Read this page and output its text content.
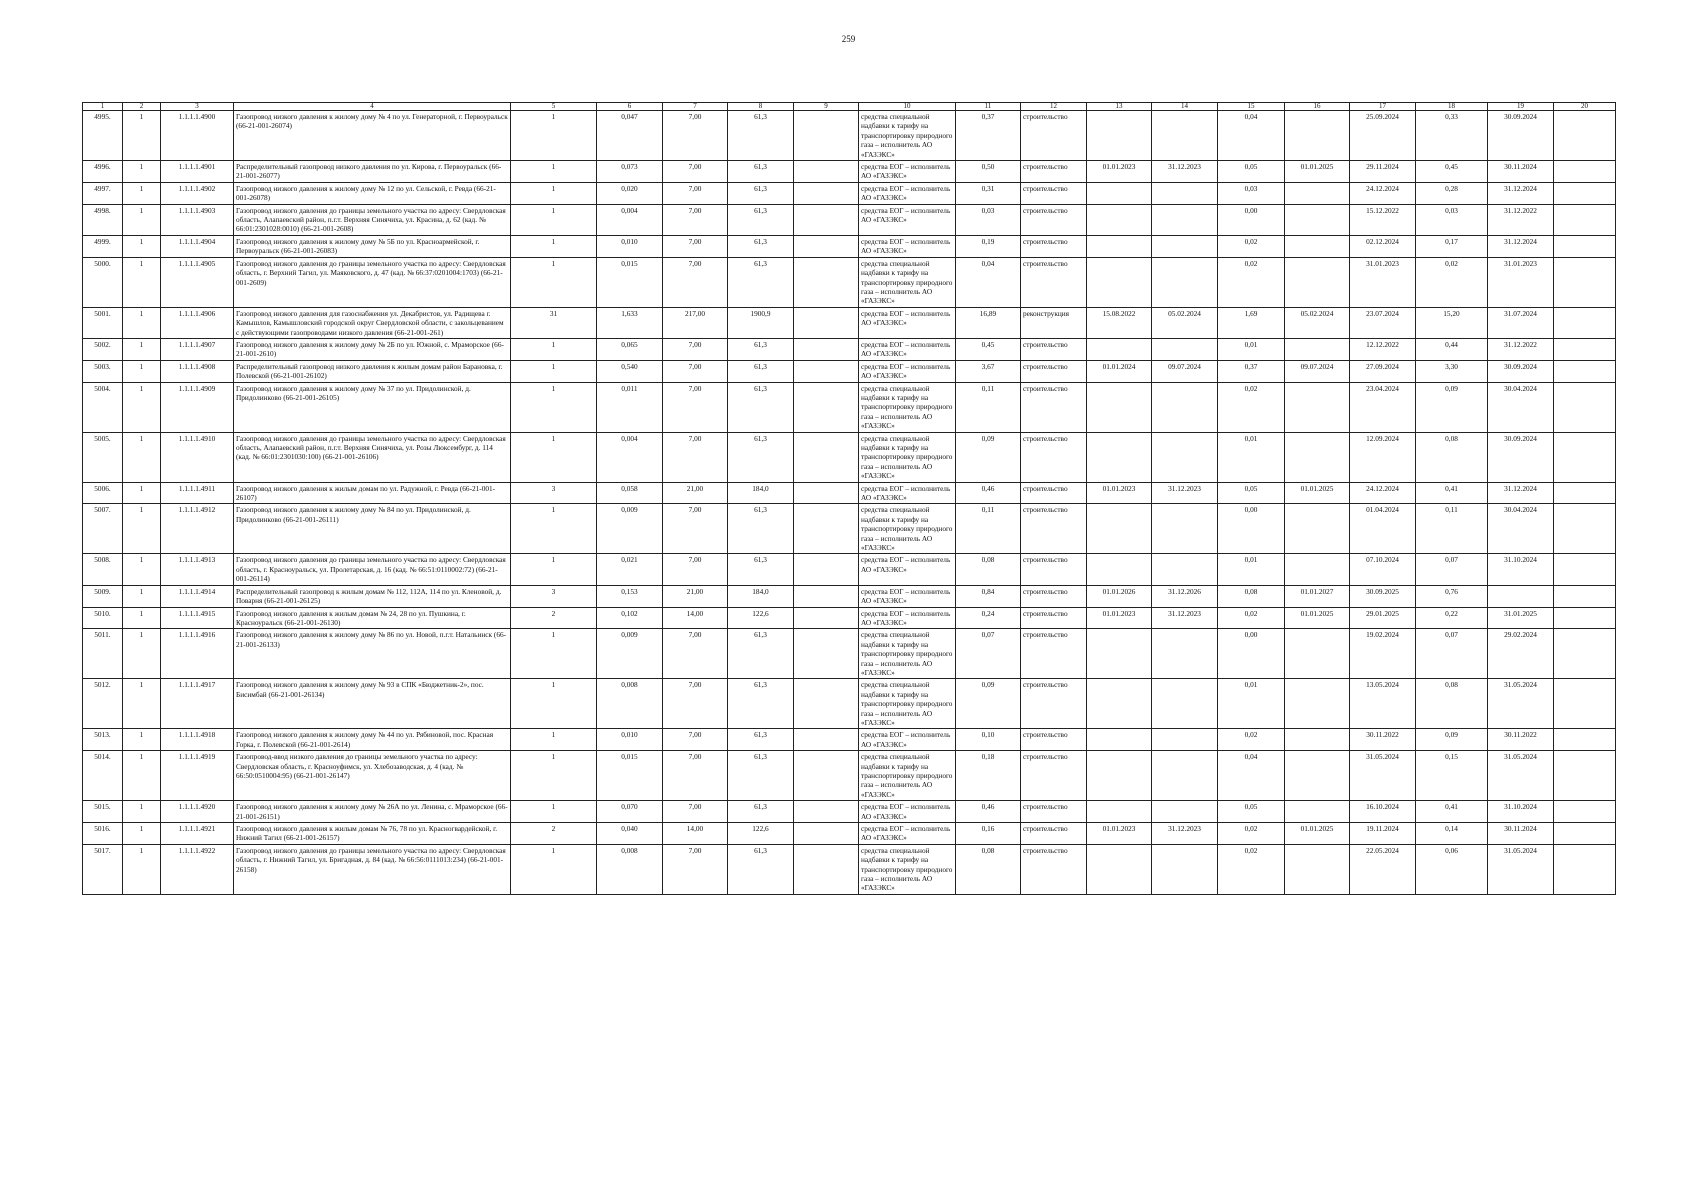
259
1	2	3	4	5	6	7	8	9	10	11	12	13	14	15	16	17	18	19	20
4995.	1	1.1.1.1.4900	Газопровод низкого давления к жилому дому № 4 по ул. Генераторной, г. Первоуральск (66-21-001-26074)	1	0,047	7,00	61,3		средства специальной надбавки к тарифу на транспортировку природного газа – исполнитель АО «ГАЗЭКС»	0,37	строительство			0,04		25.09.2024	0,33	30.09.2024	
4996.	1	1.1.1.1.4901	Распределительный газопровод низкого давления по ул. Кирова, г. Первоуральск (66-21-001-26077)	1	0,073	7,00	61,3		средства ЕОГ – исполнитель АО «ГАЗЭКС»	0,50	строительство	01.01.2023	31.12.2023	0,05	01.01.2025	29.11.2024	0,45	30.11.2024	
4997.	1	1.1.1.1.4902	Газопровод низкого давления к жилому дому № 12 по ул. Сельской, г. Ревда (66-21-001-26078)	1	0,020	7,00	61,3		средства ЕОГ – исполнитель АО «ГАЗЭКС»	0,31	строительство			0,03		24.12.2024	0,28	31.12.2024	
4998.	1	1.1.1.1.4903	Газопровод низкого давления до границы земельного участка по адресу: Свердловская область, Алапаевский район, п.г.т. Верхняя Синячиха, ул. Красина, д. 62 (кад. № 66:01:2301028:0010) (66-21-001-2608)	1	0,004	7,00	61,3		средства ЕОГ – исполнитель АО «ГАЗЭКС»	0,03	строительство			0,00		15.12.2022	0,03	31.12.2022	
4999.	1	1.1.1.1.4904	Газопровод низкого давления к жилому дому № 5Б по ул. Красноармейской, г. Первоуральск (66-21-001-26083)	1	0,010	7,00	61,3		средства ЕОГ – исполнитель АО «ГАЗЭКС»	0,19	строительство			0,02		02.12.2024	0,17	31.12.2024	
5000.	1	1.1.1.1.4905	Газопровод низкого давления до границы земельного участка по адресу: Свердловская область, г. Верхний Тагил, ул. Маяковского, д. 47 (кад. № 66:37:0201004:1703) (66-21-001-2609)	1	0,015	7,00	61,3		средства специальной надбавки к тарифу на транспортировку природного газа – исполнитель АО «ГАЗЭКС»	0,04	строительство			0,02		31.01.2023	0,02	31.01.2023	
5001.	1	1.1.1.1.4906	Газопровод низкого давления для газоснабжения ул. Декабристов, ул. Радищева г. Камышлов, Камышловский городской округ Свердловской области, с закольцеванием с действующими газопроводами низкого давления (66-21-001-261)	31	1,633	217,00	1900,9		средства ЕОГ – исполнитель АО «ГАЗЭКС»	16,89	реконструкция	15.08.2022	05.02.2024	1,69	05.02.2024	23.07.2024	15,20	31.07.2024	
5002.	1	1.1.1.1.4907	Газопровод низкого давления к жилому дому № 2Б по ул. Южной, с. Мраморское (66-21-001-2610)	1	0,065	7,00	61,3		средства ЕОГ – исполнитель АО «ГАЗЭКС»	0,45	строительство			0,01		12.12.2022	0,44	31.12.2022	
5003.	1	1.1.1.1.4908	Распределительный газопровод низкого давления к жилым домам район Барановка, г. Полевской (66-21-001-26102)	1	0,540	7,00	61,3		средства ЕОГ – исполнитель АО «ГАЗЭКС»	3,67	строительство	01.01.2024	09.07.2024	0,37	09.07.2024	27.09.2024	3,30	30.09.2024	
5004.	1	1.1.1.1.4909	Газопровод низкого давления к жилому дому № 37 по ул. Придолинской, д. Придолинково (66-21-001-26105)	1	0,011	7,00	61,3		средства специальной надбавки к тарифу на транспортировку природного газа – исполнитель АО «ГАЗЭКС»	0,11	строительство			0,02		23.04.2024	0,09	30.04.2024	
5005.	1	1.1.1.1.4910	Газопровод низкого давления до границы земельного участка по адресу: Свердловская область, Алапаевский район, п.г.т. Верхняя Синячиха, ул. Розы Люксембург, д. 114 (кад. № 66:01:2301030:100) (66-21-001-26106)	1	0,004	7,00	61,3		средства специальной надбавки к тарифу на транспортировку природного газа – исполнитель АО «ГАЗЭКС»	0,09	строительство			0,01		12.09.2024	0,08	30.09.2024	
5006.	1	1.1.1.1.4911	Газопровод низкого давления к жилым домам по ул. Радужной, г. Ревда (66-21-001-26107)	3	0,058	21,00	184,0		средства ЕОГ – исполнитель АО «ГАЗЭКС»	0,46	строительство	01.01.2023	31.12.2023	0,05	01.01.2025	24.12.2024	0,41	31.12.2024	
5007.	1	1.1.1.1.4912	Газопровод низкого давления к жилому дому № 84 по ул. Придолинской, д. Придолинково (66-21-001-26111)	1	0,009	7,00	61,3		средства специальной надбавки к тарифу на транспортировку природного газа – исполнитель АО «ГАЗЭКС»	0,11	строительство			0,00		01.04.2024	0,11	30.04.2024	
5008.	1	1.1.1.1.4913	Газопровод низкого давления до границы земельного участка по адресу: Свердловская область, г. Красноуральск, ул. Пролетарская, д. 16 (кад. № 66:51:0110002:72) (66-21-001-26114)	1	0,021	7,00	61,3		средства ЕОГ – исполнитель АО «ГАЗЭКС»	0,08	строительство			0,01		07.10.2024	0,07	31.10.2024	
5009.	1	1.1.1.1.4914	Распределительный газопровод к жилым домам № 112, 112А, 114 по ул. Кленовой, д. Поварня (66-21-001-26125)	3	0,153	21,00	184,0		средства ЕОГ – исполнитель АО «ГАЗЭКС»	0,84	строительство	01.01.2026	31.12.2026	0,08	01.01.2027	30.09.2025	0,76		
5010.	1	1.1.1.1.4915	Газопровод низкого давления к жилым домам № 24, 28 по ул. Пушкина, г. Красноуральск (66-21-001-26130)	2	0,102	14,00	122,6		средства ЕОГ – исполнитель АО «ГАЗЭКС»	0,24	строительство	01.01.2023	31.12.2023	0,02	01.01.2025	29.01.2025	0,22	31.01.2025	
5011.	1	1.1.1.1.4916	Газопровод низкого давления к жилому дому № 86 по ул. Новой, п.г.т. Натальинск (66-21-001-26133)	1	0,009	7,00	61,3		средства специальной надбавки к тарифу на транспортировку природного газа – исполнитель АО «ГАЗЭКС»	0,07	строительство			0,00		19.02.2024	0,07	29.02.2024	
5012.	1	1.1.1.1.4917	Газопровод низкого давления к жилому дому № 93 в СПК «Бюджетник-2», пос. Бисимбай (66-21-001-26134)	1	0,008	7,00	61,3		средства специальной надбавки к тарифу на транспортировку природного газа – исполнитель АО «ГАЗЭКС»	0,09	строительство			0,01		13.05.2024	0,08	31.05.2024	
5013.	1	1.1.1.1.4918	Газопровод низкого давления к жилому дому № 44 по ул. Рябиновой, пос. Красная Горка, г. Полевской (66-21-001-2614)	1	0,010	7,00	61,3		средства ЕОГ – исполнитель АО «ГАЗЭКС»	0,10	строительство			0,02		30.11.2022	0,09	30.11.2022	
5014.	1	1.1.1.1.4919	Газопровод-ввод низкого давления до границы земельного участка по адресу: Свердловская область, г. Красноуфимск, ул. Хлебозаводская, д. 4 (кад. № 66:50:0510004:95) (66-21-001-26147)	1	0,015	7,00	61,3		средства специальной надбавки к тарифу на транспортировку природного газа – исполнитель АО «ГАЗЭКС»	0,18	строительство			0,04		31.05.2024	0,15	31.05.2024	
5015.	1	1.1.1.1.4920	Газопровод низкого давления к жилому дому № 26А по ул. Ленина, с. Мраморское (66-21-001-26151)	1	0,070	7,00	61,3		средства ЕОГ – исполнитель АО «ГАЗЭКС»	0,46	строительство			0,05		16.10.2024	0,41	31.10.2024	
5016.	1	1.1.1.1.4921	Газопровод низкого давления к жилым домам № 76, 78 по ул. Красногвардейской, г. Нижний Тагил (66-21-001-26157)	2	0,040	14,00	122,6		средства ЕОГ – исполнитель АО «ГАЗЭКС»	0,16	строительство	01.01.2023	31.12.2023	0,02	01.01.2025	19.11.2024	0,14	30.11.2024	
5017.	1	1.1.1.1.4922	Газопровод низкого давления до границы земельного участка по адресу: Свердловская область, г. Нижний Тагил, ул. Бригадная, д. 84 (кад. № 66:56:0111013:234) (66-21-001-26158)	1	0,008	7,00	61,3		средства специальной надбавки к тарифу на транспортировку природного газа – исполнитель АО «ГАЗЭКС»	0,08	строительство			0,02		22.05.2024	0,06	31.05.2024	
